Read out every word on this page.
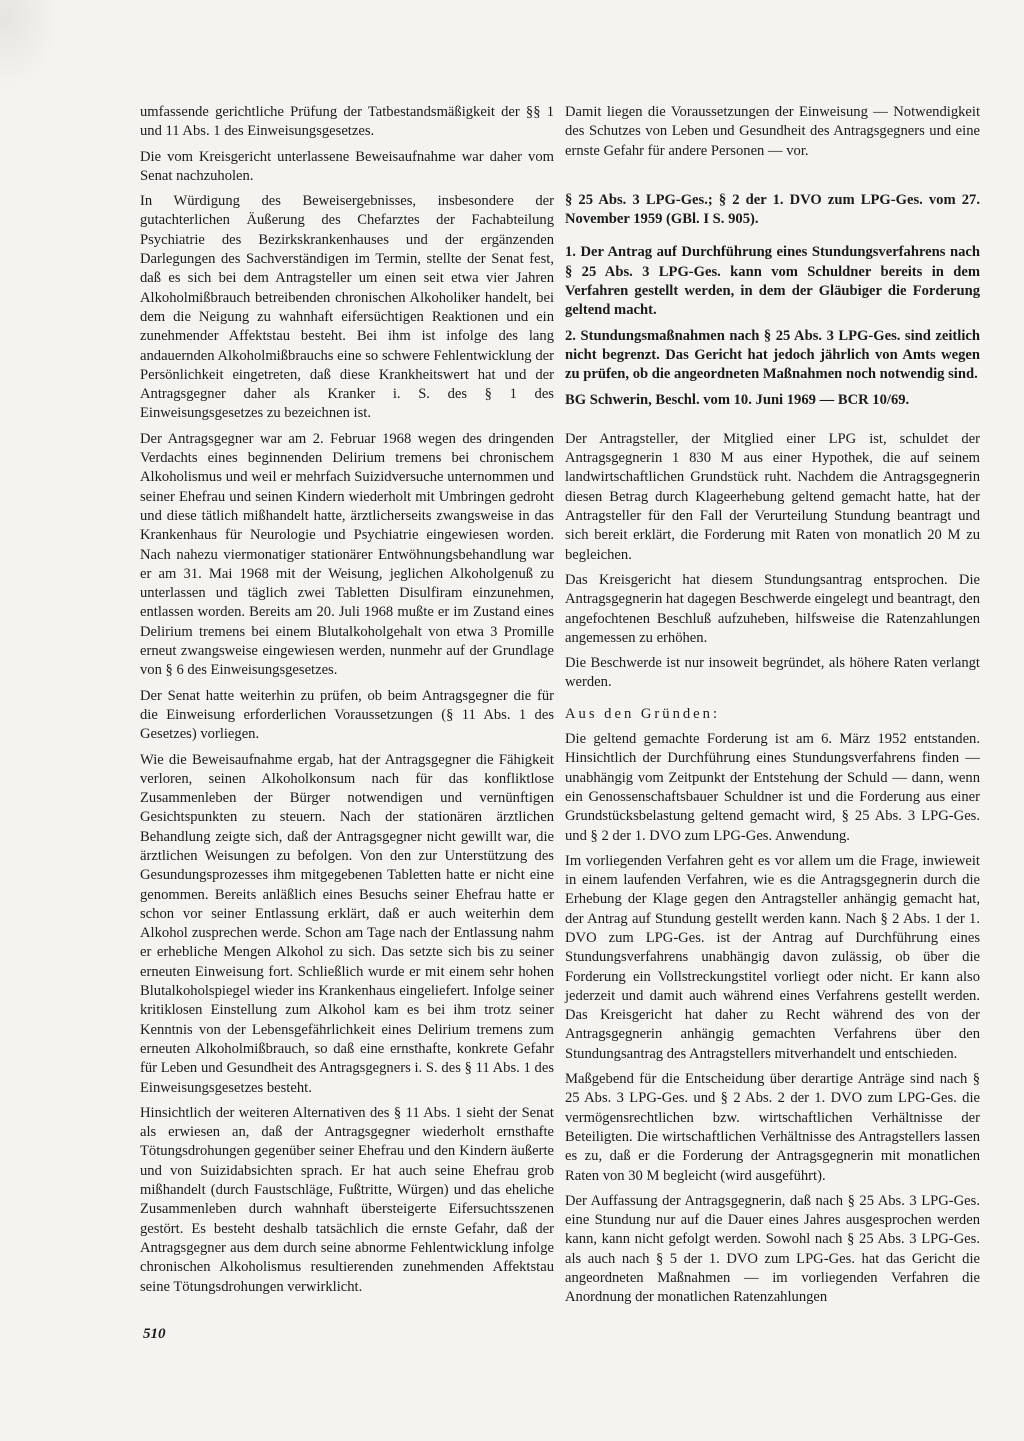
umfassende gerichtliche Prüfung der Tatbestandsmäßigkeit der §§ 1 und 11 Abs. 1 des Einweisungsgesetzes.

Die vom Kreisgericht unterlassene Beweisaufnahme war daher vom Senat nachzuholen.

In Würdigung des Beweisergebnisses, insbesondere der gutachterlichen Äußerung des Chefarztes der Fachabteilung Psychiatrie des Bezirkskrankenhauses und der ergänzenden Darlegungen des Sachverständigen im Termin, stellte der Senat fest, daß es sich bei dem Antragsteller um einen seit etwa vier Jahren Alkoholmißbrauch betreibenden chronischen Alkoholiker handelt, bei dem die Neigung zu wahnhaft eifersüchtigen Reaktionen und ein zunehmender Affektstau besteht. Bei ihm ist infolge des lang andauernden Alkoholmißbrauchs eine so schwere Fehlentwicklung der Persönlichkeit eingetreten, daß diese Krankheitswert hat und der Antragsgegner daher als Kranker i. S. des § 1 des Einweisungsgesetzes zu bezeichnen ist.

Der Antragsgegner war am 2. Februar 1968 wegen des dringenden Verdachts eines beginnenden Delirium tremens bei chronischem Alkoholismus und weil er mehrfach Suizidversuche unternommen und seiner Ehefrau und seinen Kindern wiederholt mit Umbringen gedroht und diese tätlich mißhandelt hatte, ärztlicherseits zwangsweise in das Krankenhaus für Neurologie und Psychiatrie eingewiesen worden. Nach nahezu viermonatiger stationärer Entwöhnungsbehandlung war er am 31. Mai 1968 mit der Weisung, jeglichen Alkoholgenuß zu unterlassen und täglich zwei Tabletten Disulfiram einzunehmen, entlassen worden. Bereits am 20. Juli 1968 mußte er im Zustand eines Delirium tremens bei einem Blutalkoholgehalt von etwa 3 Promille erneut zwangsweise eingewiesen werden, nunmehr auf der Grundlage von § 6 des Einweisungsgesetzes.

Der Senat hatte weiterhin zu prüfen, ob beim Antragsgegner die für die Einweisung erforderlichen Voraussetzungen (§ 11 Abs. 1 des Gesetzes) vorliegen.

Wie die Beweisaufnahme ergab, hat der Antragsgegner die Fähigkeit verloren, seinen Alkoholkonsum nach für das konfliktlose Zusammenleben der Bürger notwendigen und vernünftigen Gesichtspunkten zu steuern. Nach der stationären ärztlichen Behandlung zeigte sich, daß der Antragsgegner nicht gewillt war, die ärztlichen Weisungen zu befolgen. Von den zur Unterstützung des Gesundungsprozesses ihm mitgegebenen Tabletten hatte er nicht eine genommen. Bereits anläßlich eines Besuchs seiner Ehefrau hatte er schon vor seiner Entlassung erklärt, daß er auch weiterhin dem Alkohol zusprechen werde. Schon am Tage nach der Entlassung nahm er erhebliche Mengen Alkohol zu sich. Das setzte sich bis zu seiner erneuten Einweisung fort. Schließlich wurde er mit einem sehr hohen Blutalkoholspiegel wieder ins Krankenhaus eingeliefert. Infolge seiner kritiklosen Einstellung zum Alkohol kam es bei ihm trotz seiner Kenntnis von der Lebensgefährlichkeit eines Delirium tremens zum erneuten Alkoholmißbrauch, so daß eine ernsthafte, konkrete Gefahr für Leben und Gesundheit des Antragsgegners i. S. des § 11 Abs. 1 des Einweisungsgesetzes besteht.

Hinsichtlich der weiteren Alternativen des § 11 Abs. 1 sieht der Senat als erwiesen an, daß der Antragsgegner wiederholt ernsthafte Tötungsdrohungen gegenüber seiner Ehefrau und den Kindern äußerte und von Suizidabsichten sprach. Er hat auch seine Ehefrau grob mißhandelt (durch Faustschläge, Fußtritte, Würgen) und das eheliche Zusammenleben durch wahnhaft übersteigerte Eifersuchtsszenen gestört. Es besteht deshalb tatsächlich die ernste Gefahr, daß der Antragsgegner aus dem durch seine abnorme Fehlentwicklung infolge chronischen Alkoholismus resultierenden zunehmenden Affektstau seine Tötungsdrohungen verwirklicht.

Damit liegen die Voraussetzungen der Einweisung — Notwendigkeit des Schutzes von Leben und Gesundheit des Antragsgegners und eine ernste Gefahr für andere Personen — vor.

§ 25 Abs. 3 LPG-Ges.; § 2 der 1. DVO zum LPG-Ges. vom 27. November 1959 (GBl. I S. 905).

1. Der Antrag auf Durchführung eines Stundungsverfahrens nach § 25 Abs. 3 LPG-Ges. kann vom Schuldner bereits in dem Verfahren gestellt werden, in dem der Gläubiger die Forderung geltend macht.

2. Stundungsmaßnahmen nach § 25 Abs. 3 LPG-Ges. sind zeitlich nicht begrenzt. Das Gericht hat jedoch jährlich von Amts wegen zu prüfen, ob die angeordneten Maßnahmen noch notwendig sind.

BG Schwerin, Beschl. vom 10. Juni 1969 — BCR 10/69.

Der Antragsteller, der Mitglied einer LPG ist, schuldet der Antragsgegnerin 1 830 M aus einer Hypothek, die auf seinem landwirtschaftlichen Grundstück ruht. Nachdem die Antragsgegnerin diesen Betrag durch Klageerhebung geltend gemacht hatte, hat der Antragsteller für den Fall der Verurteilung Stundung beantragt und sich bereit erklärt, die Forderung mit Raten von monatlich 20 M zu begleichen.

Das Kreisgericht hat diesem Stundungsantrag entsprochen. Die Antragsgegnerin hat dagegen Beschwerde eingelegt und beantragt, den angefochtenen Beschluß aufzuheben, hilfsweise die Ratenzahlungen angemessen zu erhöhen.

Die Beschwerde ist nur insoweit begründet, als höhere Raten verlangt werden.

Aus den Gründen:

Die geltend gemachte Forderung ist am 6. März 1952 entstanden. Hinsichtlich der Durchführung eines Stundungsverfahrens finden — unabhängig vom Zeitpunkt der Entstehung der Schuld — dann, wenn ein Genossenschaftsbauer Schuldner ist und die Forderung aus einer Grundstücksbelastung geltend gemacht wird, § 25 Abs. 3 LPG-Ges. und § 2 der 1. DVO zum LPG-Ges. Anwendung.

Im vorliegenden Verfahren geht es vor allem um die Frage, inwieweit in einem laufenden Verfahren, wie es die Antragsgegnerin durch die Erhebung der Klage gegen den Antragsteller anhängig gemacht hat, der Antrag auf Stundung gestellt werden kann. Nach § 2 Abs. 1 der 1. DVO zum LPG-Ges. ist der Antrag auf Durchführung eines Stundungsverfahrens unabhängig davon zulässig, ob über die Forderung ein Vollstreckungstitel vorliegt oder nicht. Er kann also jederzeit und damit auch während eines Verfahrens gestellt werden. Das Kreisgericht hat daher zu Recht während des von der Antragsgegnerin anhängig gemachten Verfahrens über den Stundungsantrag des Antragstellers mitverhandelt und entschieden.

Maßgebend für die Entscheidung über derartige Anträge sind nach § 25 Abs. 3 LPG-Ges. und § 2 Abs. 2 der 1. DVO zum LPG-Ges. die vermögensrechtlichen bzw. wirtschaftlichen Verhältnisse der Beteiligten. Die wirtschaftlichen Verhältnisse des Antragstellers lassen es zu, daß er die Forderung der Antragsgegnerin mit monatlichen Raten von 30 M begleicht (wird ausgeführt).

Der Auffassung der Antragsgegnerin, daß nach § 25 Abs. 3 LPG-Ges. eine Stundung nur auf die Dauer eines Jahres ausgesprochen werden kann, kann nicht gefolgt werden. Sowohl nach § 25 Abs. 3 LPG-Ges. als auch nach § 5 der 1. DVO zum LPG-Ges. hat das Gericht die angeordneten Maßnahmen — im vorliegenden Verfahren die Anordnung der monatlichen Ratenzahlungen

510
